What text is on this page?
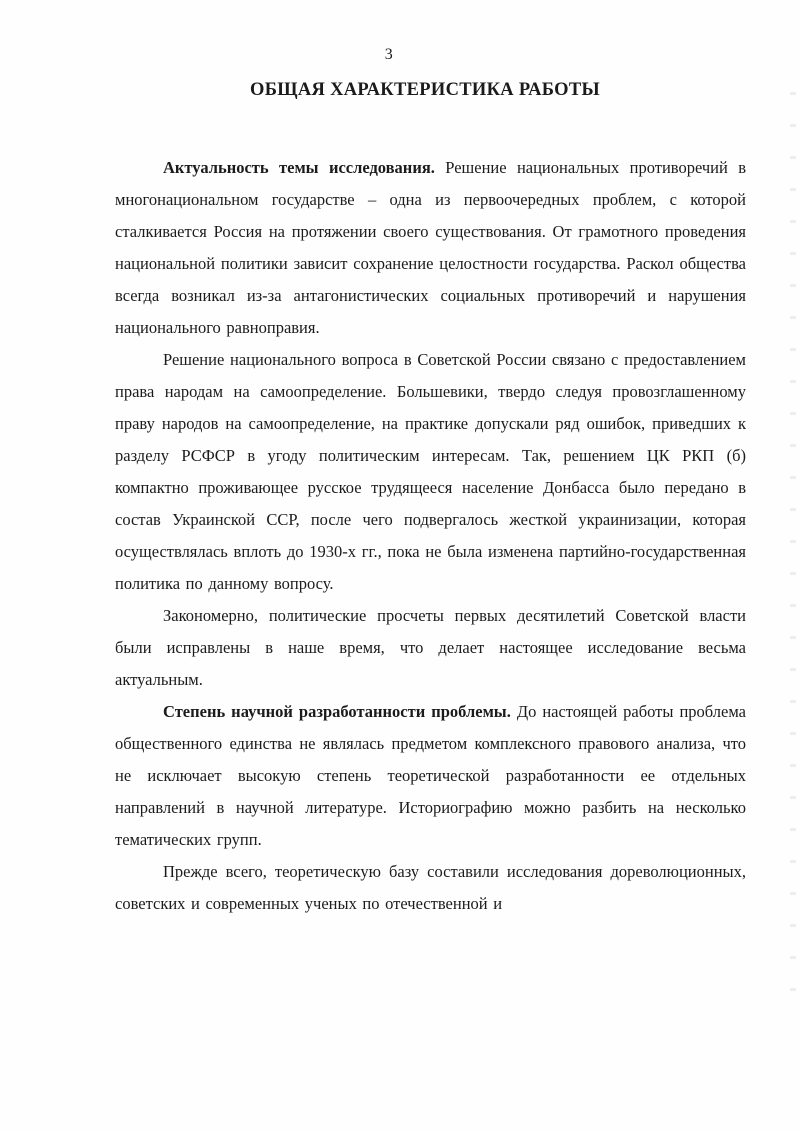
3
ОБЩАЯ ХАРАКТЕРИСТИКА РАБОТЫ

Актуальность темы исследования. Решение национальных противоречий в многонациональном государстве – одна из первоочередных проблем, с которой сталкивается Россия на протяжении своего существования. От грамотного проведения национальной политики зависит сохранение целостности государства. Раскол общества всегда возникал из-за антагонистических социальных противоречий и нарушения национального равноправия.

Решение национального вопроса в Советской России связано с предоставлением права народам на самоопределение. Большевики, твердо следуя провозглашенному праву народов на самоопределение, на практике допускали ряд ошибок, приведших к разделу РСФСР в угоду политическим интересам. Так, решением ЦК РКП (б) компактно проживающее русское трудящееся население Донбасса было передано в состав Украинской ССР, после чего подвергалось жесткой украинизации, которая осуществлялась вплоть до 1930-х гг., пока не была изменена партийно-государственная политика по данному вопросу.

Закономерно, политические просчеты первых десятилетий Советской власти были исправлены в наше время, что делает настоящее исследование весьма актуальным.

Степень научной разработанности проблемы. До настоящей работы проблема общественного единства не являлась предметом комплексного правового анализа, что не исключает высокую степень теоретической разработанности ее отдельных направлений в научной литературе. Историографию можно разбить на несколько тематических групп.

Прежде всего, теоретическую базу составили исследования дореволюционных, советских и современных ученых по отечественной и
